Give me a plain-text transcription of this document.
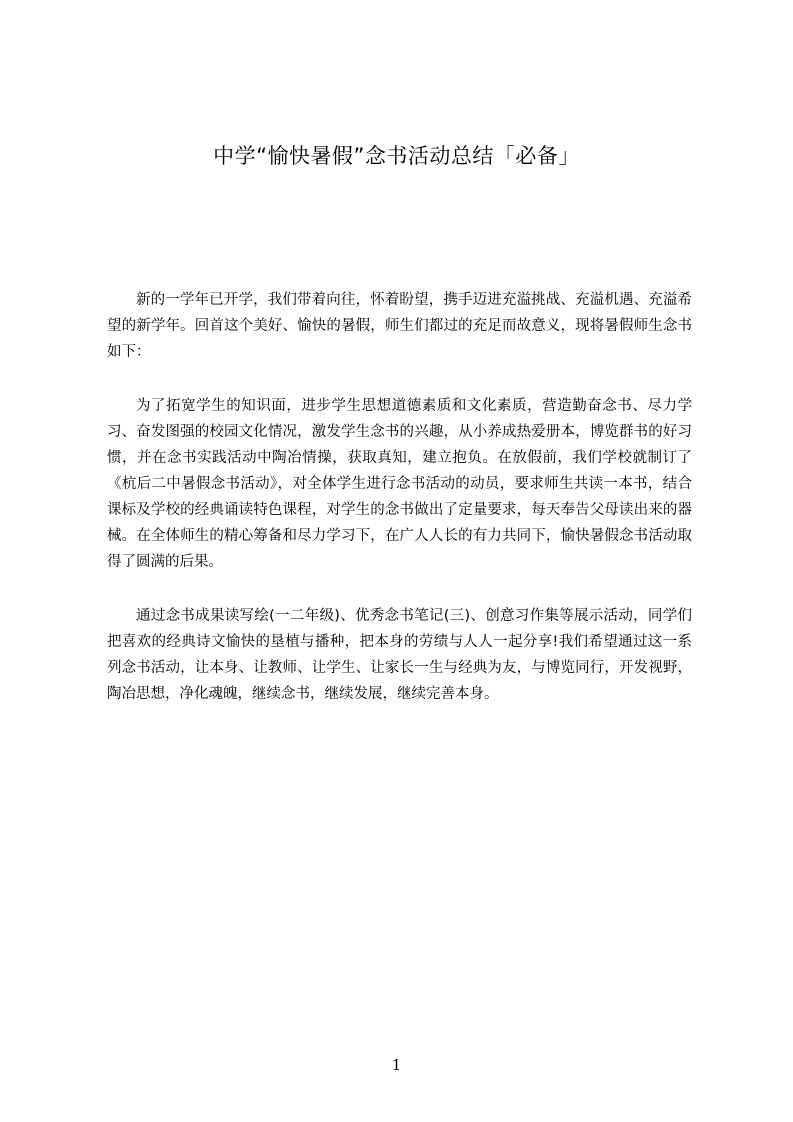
中学“愉快暑假”念书活动总结「必备」

新的一学年已开学，我们带着向往，怀着盼望，携手迈进充溢挑战、充溢机遇、充溢希望的新学年。回首这个美好、愉快的暑假，师生们都过的充足而故意义，现将暑假师生念书如下：

为了拓宽学生的知识面，进步学生思想道德素质和文化素质，营造勤奋念书、尽力学习、奋发图强的校园文化情况，激发学生念书的兴趣，从小养成热爱册本，博览群书的好习惯，并在念书实践活动中陶冶情操，获取真知，建立抱负。在放假前，我们学校就制订了《杭后二中暑假念书活动》，对全体学生进行念书活动的动员，要求师生共读一本书，结合课标及学校的经典诵读特色课程，对学生的念书做出了定量要求，每天奉告父母读出来的器械。在全体师生的精心筹备和尽力学习下，在广人人长的有力共同下，愉快暑假念书活动取得了圆满的后果。

通过念书成果读写绘(一二年级)、优秀念书笔记(三)、创意习作集等展示活动，同学们把喜欢的经典诗文愉快的垦植与播种，把本身的劳绩与人人一起分享!我们希望通过这一系列念书活动，让本身、让教师、让学生、让家长一生与经典为友，与博览同行，开发视野，陶冶思想，净化魂魄，继续念书，继续发展，继续完善本身。

1
